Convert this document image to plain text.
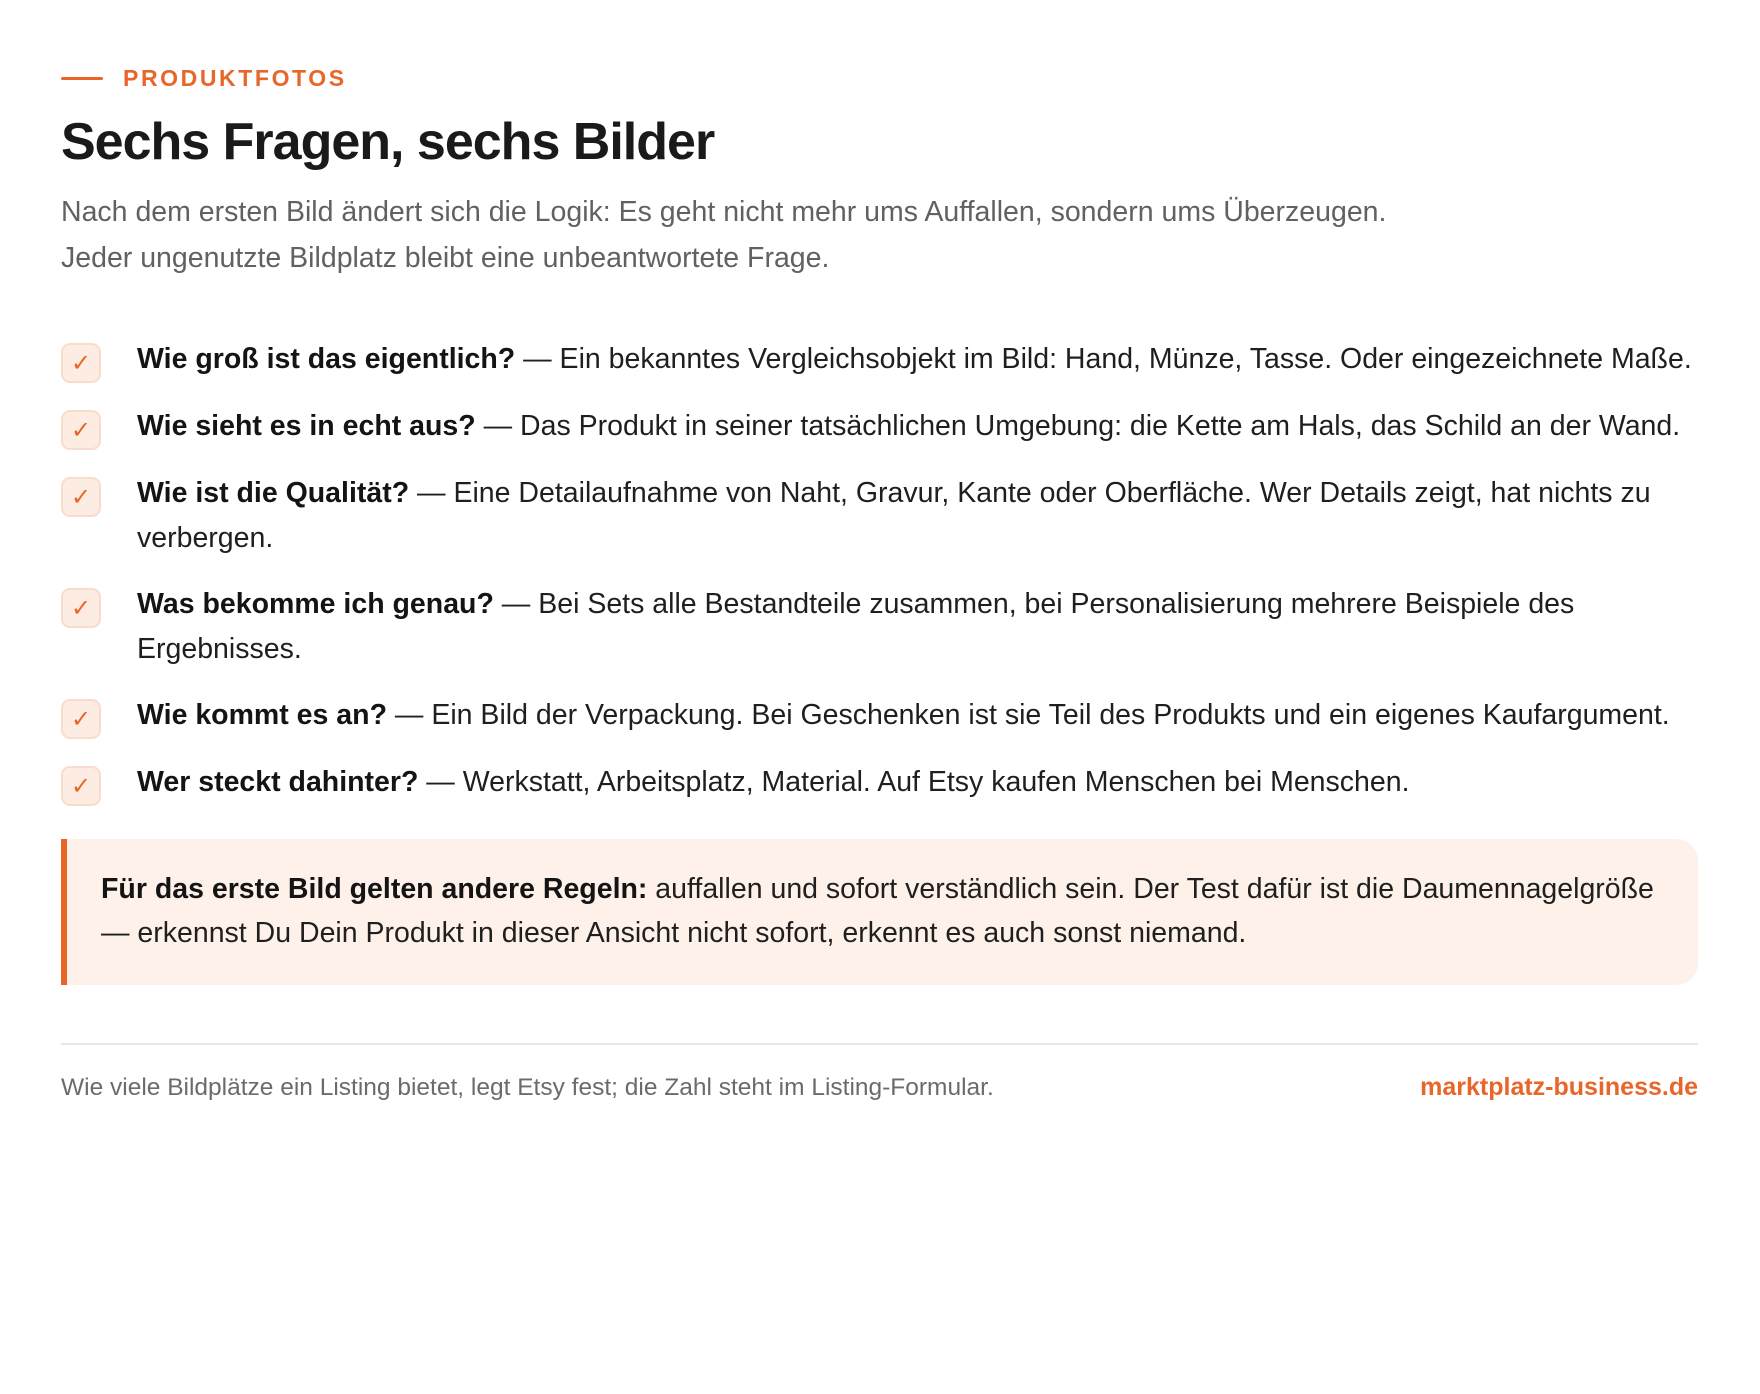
PRODUKTFOTOS
Sechs Fragen, sechs Bilder

Nach dem ersten Bild ändert sich die Logik: Es geht nicht mehr ums Auffallen, sondern ums Überzeugen.
Jeder ungenutzte Bildplatz bleibt eine unbeantwortete Frage.

✓	Wie groß ist das eigentlich? — Ein bekanntes Vergleichsobjekt im Bild: Hand, Münze, Tasse. Oder eingezeichnete Maße.
✓	Wie sieht es in echt aus? — Das Produkt in seiner tatsächlichen Umgebung: die Kette am Hals, das Schild an der Wand.
✓	Wie ist die Qualität? — Eine Detailaufnahme von Naht, Gravur, Kante oder Oberfläche. Wer Details zeigt, hat nichts zu verbergen.
✓	Was bekomme ich genau? — Bei Sets alle Bestandteile zusammen, bei Personalisierung mehrere Beispiele des Ergebnisses.
✓	Wie kommt es an? — Ein Bild der Verpackung. Bei Geschenken ist sie Teil des Produkts und ein eigenes Kaufargument.
✓	Wer steckt dahinter? — Werkstatt, Arbeitsplatz, Material. Auf Etsy kaufen Menschen bei Menschen.
Für das erste Bild gelten andere Regeln: auffallen und sofort verständlich sein. Der Test dafür ist die Daumennagelgröße — erkennst Du Dein Produkt in dieser Ansicht nicht sofort, erkennt es auch sonst niemand.
Wie viele Bildplätze ein Listing bietet, legt Etsy fest; die Zahl steht im Listing-Formular.	marktplatz-business.de
